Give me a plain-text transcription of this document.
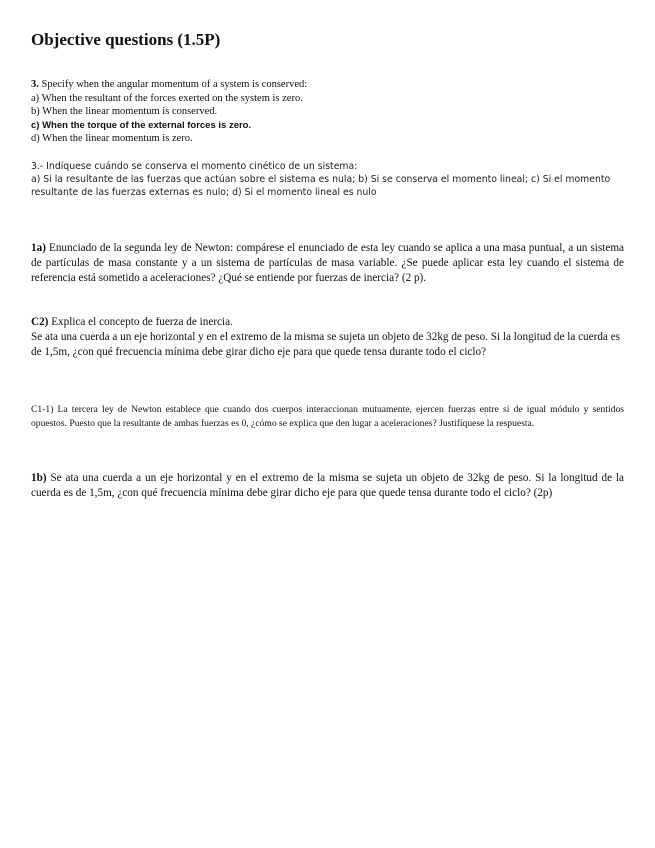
Objective questions (1.5P)

3. Specify when the angular momentum of a system is conserved:

a) When the resultant of the forces exerted on the system is zero.

b) When the linear momentum is conserved.

c) When the torque of the external forces is zero.

d) When the linear momentum is zero.

3.- Indíquese cuándo se conserva el momento cinético de un sistema:

a) Si la resultante de las fuerzas que actúan sobre el sistema es nula; b) Si se conserva el momento lineal; c) Si el momento resultante de las fuerzas externas es nulo; d) Si el momento lineal es nulo

1a) Enunciado de la segunda ley de Newton: compárese el enunciado de esta ley cuando se aplica a una masa puntual, a un sistema de partículas de masa constante y a un sistema de partículas de masa variable. ¿Se puede aplicar esta ley cuando el sistema de referencia está sometido a aceleraciones? ¿Qué se entiende por fuerzas de inercia? (2 p).

C2) Explica el concepto de fuerza de inercia.

Se ata una cuerda a un eje horizontal y en el extremo de la misma se sujeta un objeto de 32kg de peso. Si la longitud de la cuerda es de 1,5m, ¿con qué frecuencia mínima debe girar dicho eje para que quede tensa durante todo el ciclo?

C1-1) La tercera ley de Newton establece que cuando dos cuerpos interaccionan mutuamente, ejercen fuerzas entre sí de igual módulo y sentidos opuestos. Puesto que la resultante de ambas fuerzas es 0, ¿cómo se explica que den lugar a aceleraciones? Justifíquese la respuesta.

1b) Se ata una cuerda a un eje horizontal y en el extremo de la misma se sujeta un objeto de 32kg de peso. Si la longitud de la cuerda es de 1,5m, ¿con qué frecuencia mínima debe girar dicho eje para que quede tensa durante todo el ciclo? (2p)
